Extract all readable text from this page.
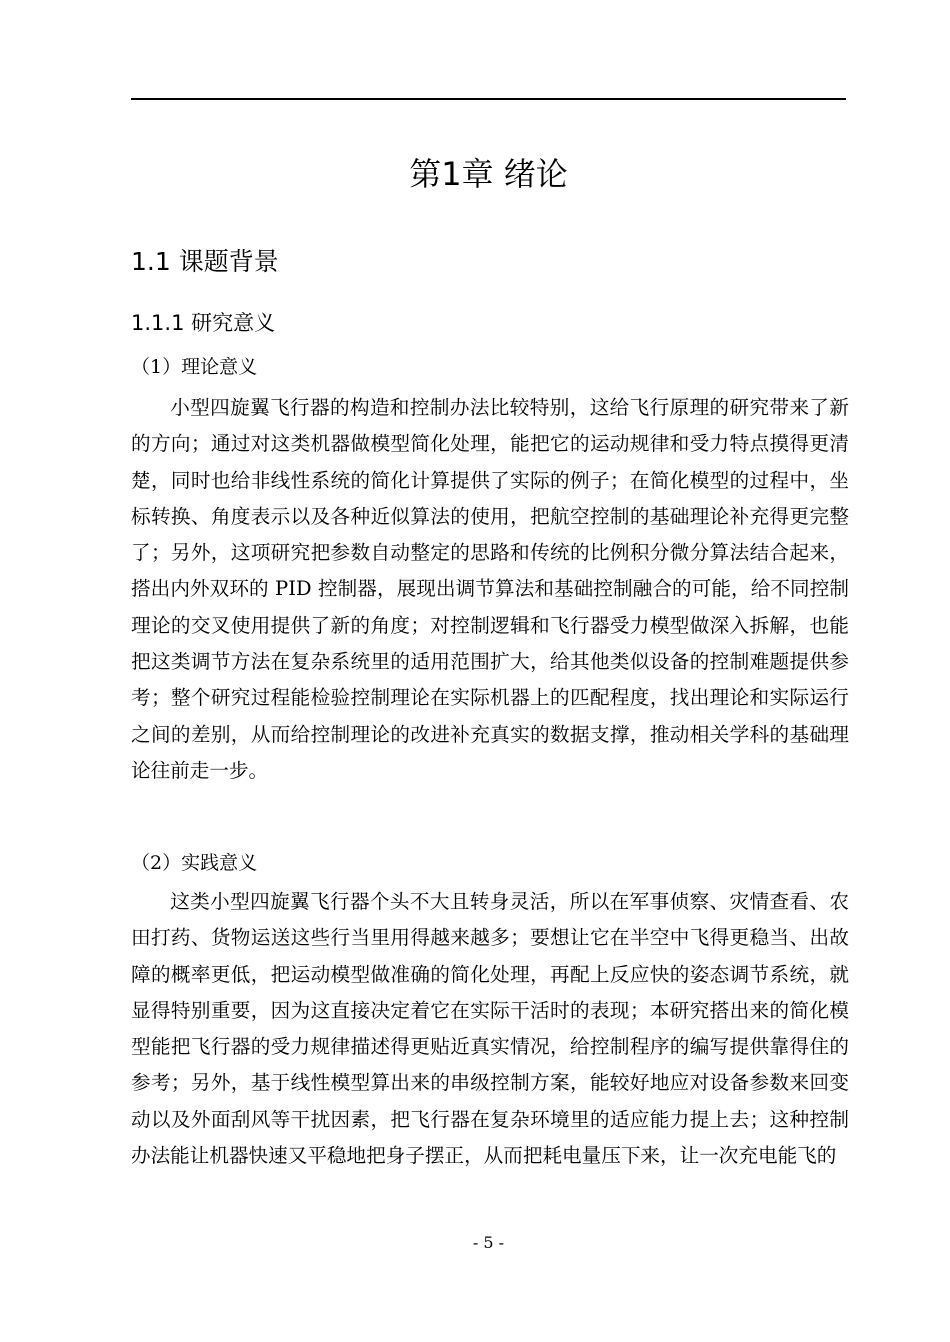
第1章 绪论
1.1 课题背景
1.1.1 研究意义
（1）理论意义

小型四旋翼飞行器的构造和控制办法比较特别，这给飞行原理的研究带来了新的方向；通过对这类机器做模型简化处理，能把它的运动规律和受力特点摸得更清楚，同时也给非线性系统的简化计算提供了实际的例子；在简化模型的过程中，坐标转换、角度表示以及各种近似算法的使用，把航空控制的基础理论补充得更完整了；另外，这项研究把参数自动整定的思路和传统的比例积分微分算法结合起来，搭出内外双环的 PID 控制器，展现出调节算法和基础控制融合的可能，给不同控制理论的交叉使用提供了新的角度；对控制逻辑和飞行器受力模型做深入拆解，也能把这类调节方法在复杂系统里的适用范围扩大，给其他类似设备的控制难题提供参考；整个研究过程能检验控制理论在实际机器上的匹配程度，找出理论和实际运行之间的差别，从而给控制理论的改进补充真实的数据支撑，推动相关学科的基础理论往前走一步。

（2）实践意义

这类小型四旋翼飞行器个头不大且转身灵活，所以在军事侦察、灾情查看、农田打药、货物运送这些行当里用得越来越多；要想让它在半空中飞得更稳当、出故障的概率更低，把运动模型做准确的简化处理，再配上反应快的姿态调节系统，就显得特别重要，因为这直接决定着它在实际干活时的表现；本研究搭出来的简化模型能把飞行器的受力规律描述得更贴近真实情况，给控制程序的编写提供靠得住的参考；另外，基于线性模型算出来的串级控制方案，能较好地应对设备参数来回变动以及外面刮风等干扰因素，把飞行器在复杂环境里的适应能力提上去；这种控制办法能让机器快速又平稳地把身子摆正，从而把耗电量压下来，让一次充电能飞的

- 5 -
